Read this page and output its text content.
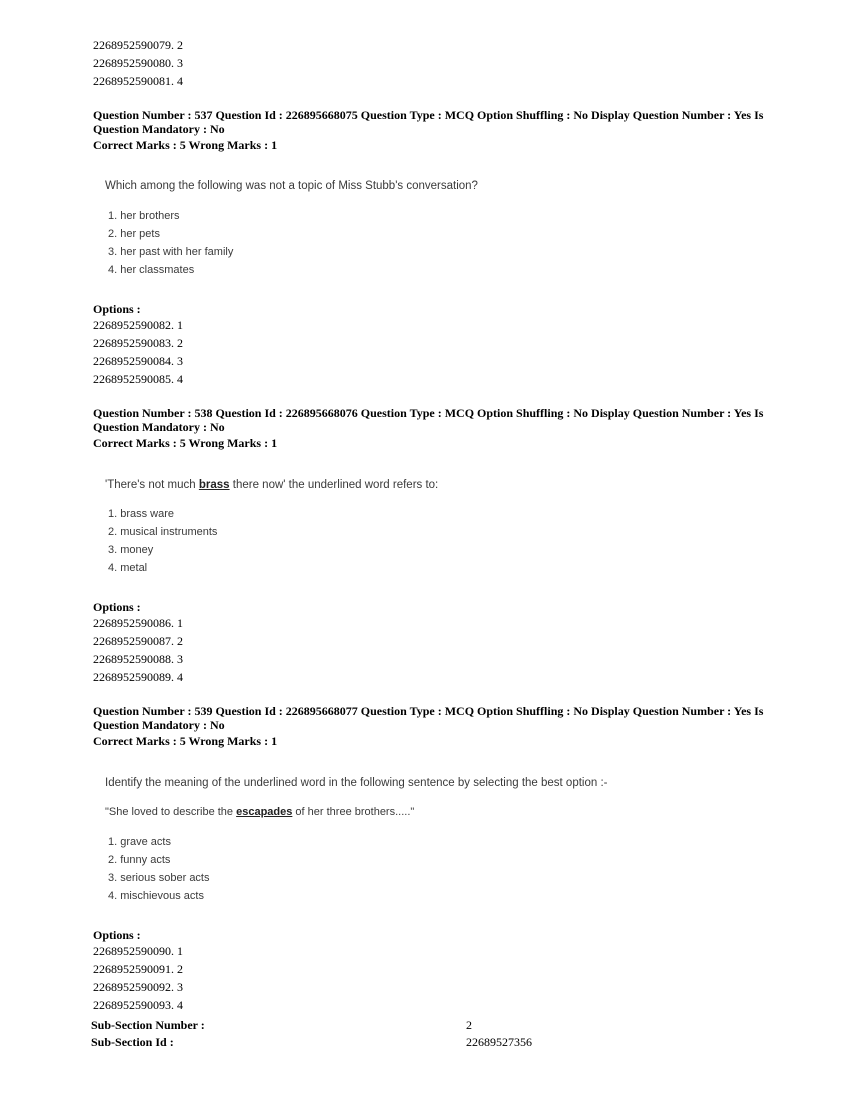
2268952590079. 2
2268952590080. 3
2268952590081. 4
Question Number : 537 Question Id : 226895668075 Question Type : MCQ Option Shuffling : No Display Question Number : Yes Is
Question Mandatory : No
Correct Marks : 5 Wrong Marks : 1
Which among the following was not a topic of Miss Stubb's conversation?
1. her brothers
2. her pets
3. her past with her family
4. her classmates
Options :
2268952590082. 1
2268952590083. 2
2268952590084. 3
2268952590085. 4
Question Number : 538 Question Id : 226895668076 Question Type : MCQ Option Shuffling : No Display Question Number : Yes Is
Question Mandatory : No
Correct Marks : 5 Wrong Marks : 1
'There's not much brass there now' the underlined word refers to:
1. brass ware
2. musical instruments
3. money
4. metal
Options :
2268952590086. 1
2268952590087. 2
2268952590088. 3
2268952590089. 4
Question Number : 539 Question Id : 226895668077 Question Type : MCQ Option Shuffling : No Display Question Number : Yes Is
Question Mandatory : No
Correct Marks : 5 Wrong Marks : 1
Identify the meaning of the underlined word in the following sentence by selecting the best option :-
"She loved to describe the escapades of her three brothers....."
1. grave acts
2. funny acts
3. serious sober acts
4. mischievous acts
Options :
2268952590090. 1
2268952590091. 2
2268952590092. 3
2268952590093. 4
Sub-Section Number :	2
Sub-Section Id :	22689527356
